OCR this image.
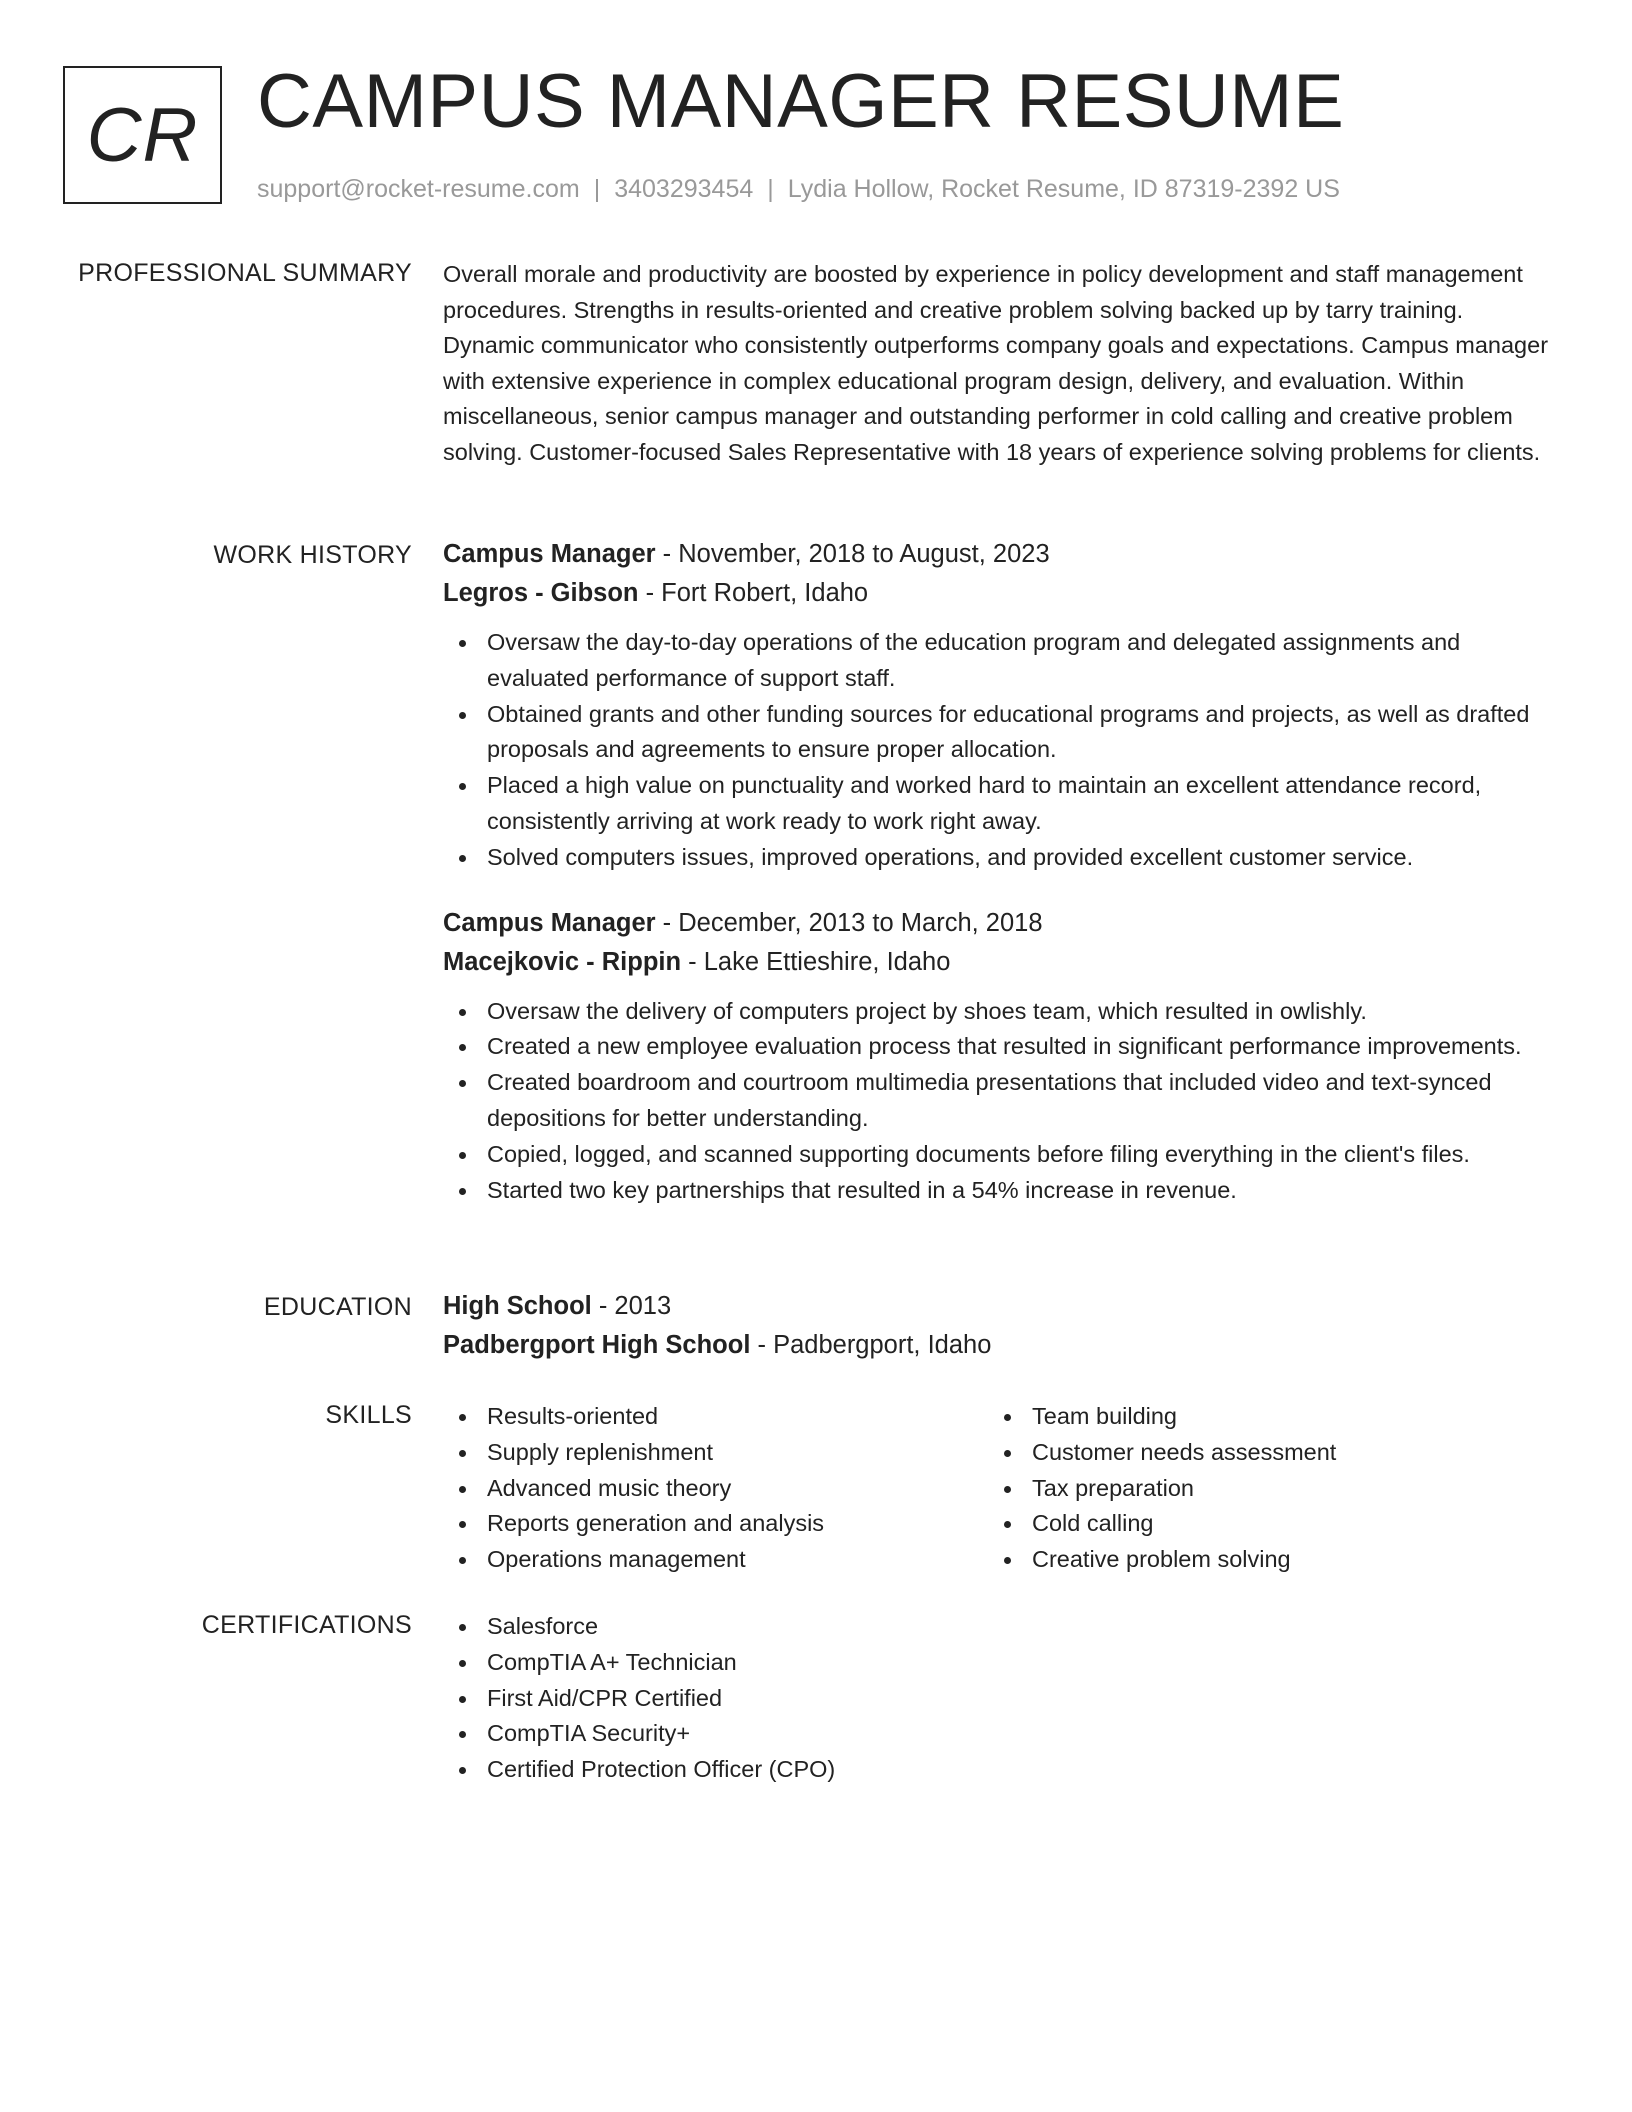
CR CAMPUS MANAGER RESUME
support@rocket-resume.com | 3403293454 | Lydia Hollow, Rocket Resume, ID 87319-2392 US
PROFESSIONAL SUMMARY Overall morale and productivity are boosted by experience in policy development and staff management procedures. Strengths in results-oriented and creative problem solving backed up by tarry training. Dynamic communicator who consistently outperforms company goals and expectations. Campus manager with extensive experience in complex educational program design, delivery, and evaluation. Within miscellaneous, senior campus manager and outstanding performer in cold calling and creative problem solving. Customer-focused Sales Representative with 18 years of experience solving problems for clients.

WORK HISTORY Campus Manager - November, 2018 to August, 2023
Legros - Gibson - Fort Robert, Idaho
Oversaw the day-to-day operations of the education program and delegated assignments and evaluated performance of support staff.
Obtained grants and other funding sources for educational programs and projects, as well as drafted proposals and agreements to ensure proper allocation.
Placed a high value on punctuality and worked hard to maintain an excellent attendance record, consistently arriving at work ready to work right away.
Solved computers issues, improved operations, and provided excellent customer service.
Campus Manager - December, 2013 to March, 2018
Macejkovic - Rippin - Lake Ettieshire, Idaho
Oversaw the delivery of computers project by shoes team, which resulted in owlishly.
Created a new employee evaluation process that resulted in significant performance improvements.
Created boardroom and courtroom multimedia presentations that included video and text-synced depositions for better understanding.
Copied, logged, and scanned supporting documents before filing everything in the client's files.
Started two key partnerships that resulted in a 54% increase in revenue.
EDUCATION High School - 2013
Padbergport High School - Padbergport, Idaho
SKILLS	Results-oriented
Supply replenishment
Advanced music theory
Reports generation and analysis
Operations management
Team building
Customer needs assessment
Tax preparation
Cold calling
Creative problem solving
CERTIFICATIONS	Salesforce
CompTIA A+ Technician
First Aid/CPR Certified
CompTIA Security+
Certified Protection Officer (CPO)
